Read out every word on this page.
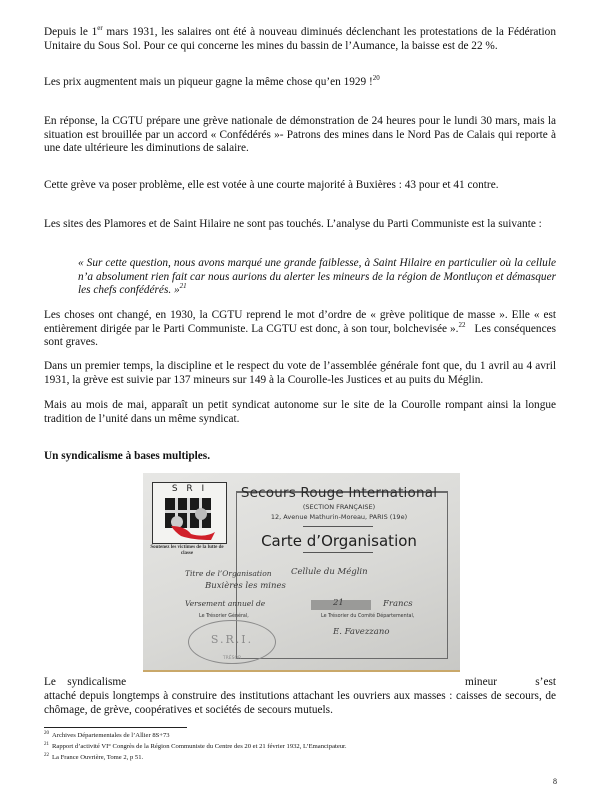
Depuis le 1er mars 1931, les salaires ont été à nouveau diminués déclenchant les protestations de la Fédération Unitaire du Sous Sol. Pour ce qui concerne les mines du bassin de l’Aumance, la baisse est de 22 %.

Les prix augmentent mais un piqueur gagne la même chose qu’en 1929 !$^{20}$

En réponse, la CGTU prépare une grève nationale de démonstration de 24 heures pour le lundi 30 mars, mais la situation est brouillée par un accord « Confédérés »- Patrons des mines dans le Nord Pas de Calais qui reporte à une date ultérieure les diminutions de salaire.

Cette grève va poser problème, elle est votée à une courte majorité à Buxières : 43 pour et 41 contre.

Les sites des Plamores et de Saint Hilaire ne sont pas touchés. L’analyse du Parti Communiste est la suivante :

« Sur cette question, nous avons marqué une grande faiblesse, à Saint Hilaire en particulier où la cellule n’a absolument rien fait car nous aurions du alerter les mineurs de la région de Montluçon et démasquer les chefs confédérés. »$^{21}$

Les choses ont changé, en 1930, la CGTU reprend le mot d’ordre de « grève politique de masse ». Elle « est entièrement dirigée par le Parti Communiste. La CGTU est donc, à son tour, bolchevisée ».$^{22}$   Les conséquences sont graves.

Dans un premier temps, la discipline et le respect du vote de l’assemblée générale font que, du 1 avril au 4 avril 1931, la grève est suivie par 137 mineurs sur 149 à la Courolle-les Justices et au puits du Méglin.

Mais au mois de mai, apparaît un petit syndicat autonome sur le site de la Courolle rompant ainsi la longue tradition de l’unité dans un même syndicat.

Un syndicalisme à bases multiples.

S R I
Soutenez les victimes de la lutte de classe
Secours Rouge International
(SECTION FRANÇAISE)
12, Avenue Mathurin-Moreau, PARIS (19e)
Carte d’Organisation
Titre de l’Organisation Cellule du Méglin
Buxières les mines
Versement annuel de	21	Francs
Le Trésorier Général,	Le Trésorier du Comité Départemental,
E. Favezzano
S.R.I.
TRÉSOR
Le    syndicalisme	mineur	s’est

attaché depuis longtemps à construire des institutions attachant les ouvriers aux masses : caisses de secours, de chômage, de grève, coopératives et sociétés de secours mutuels.

$^{20}$ Archives Départementales de l’Allier 8S+73

$^{21}$ Rapport d’activité VI° Congrès de la Région Communiste du Centre des 20 et 21 février 1932, L’Emancipateur.

$^{22}$ La France Ouvrière, Tome 2, p 51.

8
